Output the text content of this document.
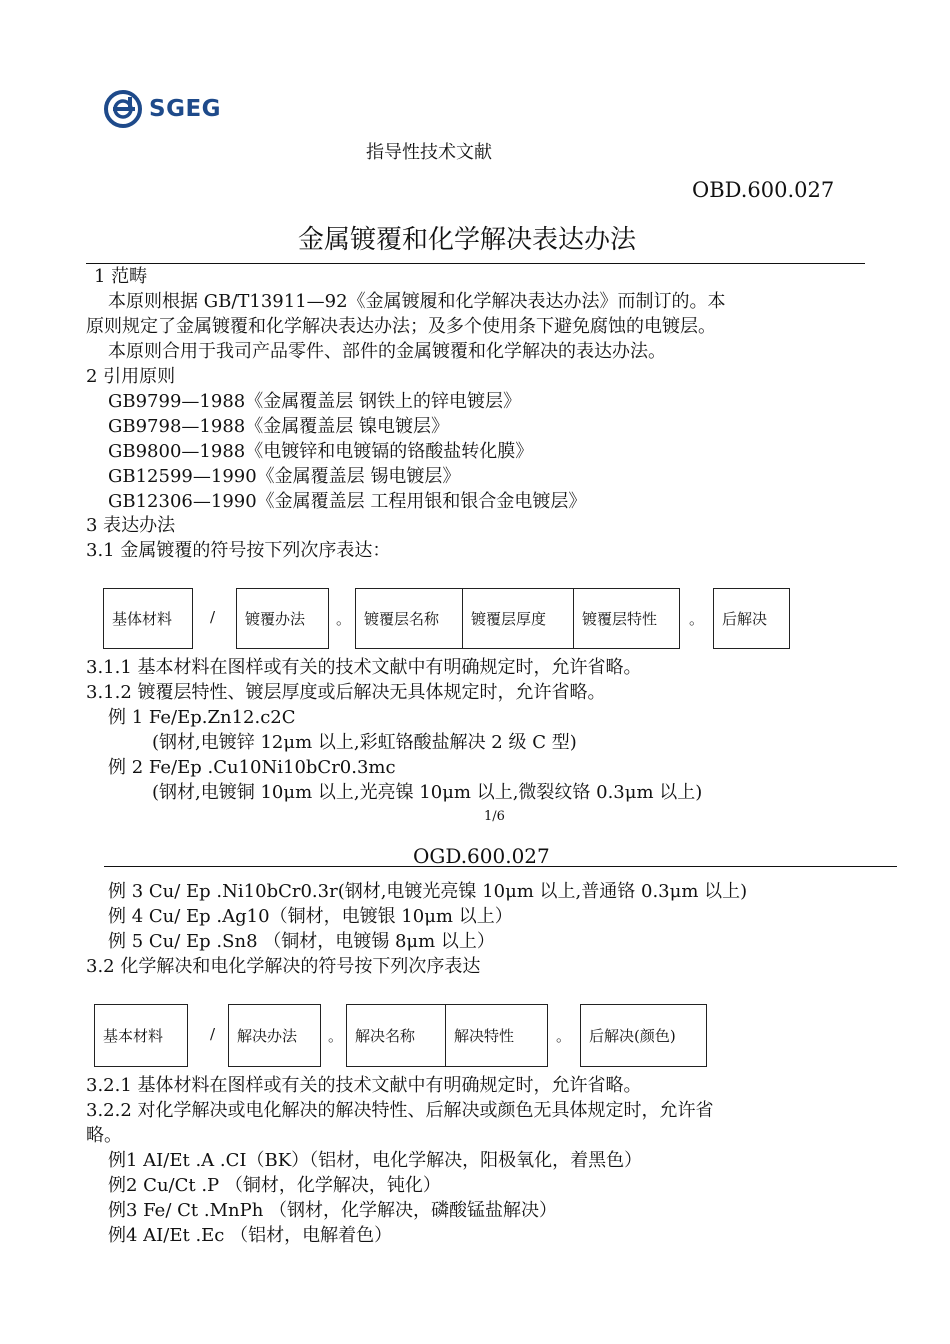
SGEG
指导性技术文献
OBD.600.027
金属镀覆和化学解决表达办法
1 范畴
本原则根据 GB/T13911—92《金属镀履和化学解决表达办法》而制订的。本
原则规定了金属镀覆和化学解决表达办法；及多个使用条下避免腐蚀的电镀层。
本原则合用于我司产品零件、部件的金属镀覆和化学解决的表达办法。
2 引用原则
GB9799—1988《金属覆盖层 钢铁上的锌电镀层》
GB9798—1988《金属覆盖层 镍电镀层》
GB9800—1988《电镀锌和电镀镉的铬酸盐转化膜》
GB12599—1990《金属覆盖层 锡电镀层》
GB12306—1990《金属覆盖层 工程用银和银合金电镀层》
3 表达办法
3.1 金属镀覆的符号按下列次序表达：
基体材料	/	镀覆办法	。 镀覆层名称	镀覆层厚度	镀覆层特性	。	后解决
3.1.1 基本材料在图样或有关的技术文献中有明确规定时，允许省略。
3.1.2 镀覆层特性、镀层厚度或后解决无具体规定时，允许省略。
例 1 Fe/Ep.Zn12.c2C
(钢材,电镀锌 12μm 以上,彩虹铬酸盐解决 2 级 C 型)
例 2 Fe/Ep .Cu10Ni10bCr0.3mc
(钢材,电镀铜 10μm 以上,光亮镍 10μm 以上,微裂纹铬 0.3μm 以上)
1/6
OGD.600.027
例 3 Cu/ Ep .Ni10bCr0.3r(钢材,电镀光亮镍 10μm 以上,普通铬 0.3μm 以上)
例 4 Cu/ Ep .Ag10（铜材，电镀银 10μm 以上）
例 5 Cu/ Ep .Sn8 （铜材，电镀锡 8μm 以上）
3.2 化学解决和电化学解决的符号按下列次序表达
基本材料	/	解决办法	。 解决名称	解决特性	。	后解决(颜色)
3.2.1 基体材料在图样或有关的技术文献中有明确规定时，允许省略。
3.2.2 对化学解决或电化解决的解决特性、后解决或颜色无具体规定时，允许省
略。
例1 AI/Et .A .CI（BK）（铝材，电化学解决，阳极氧化，着黑色）
例2 Cu/Ct .P （铜材，化学解决，钝化）
例3 Fe/ Ct .MnPh （钢材，化学解决，磷酸锰盐解决）
例4 AI/Et .Ec （铝材，电解着色）
